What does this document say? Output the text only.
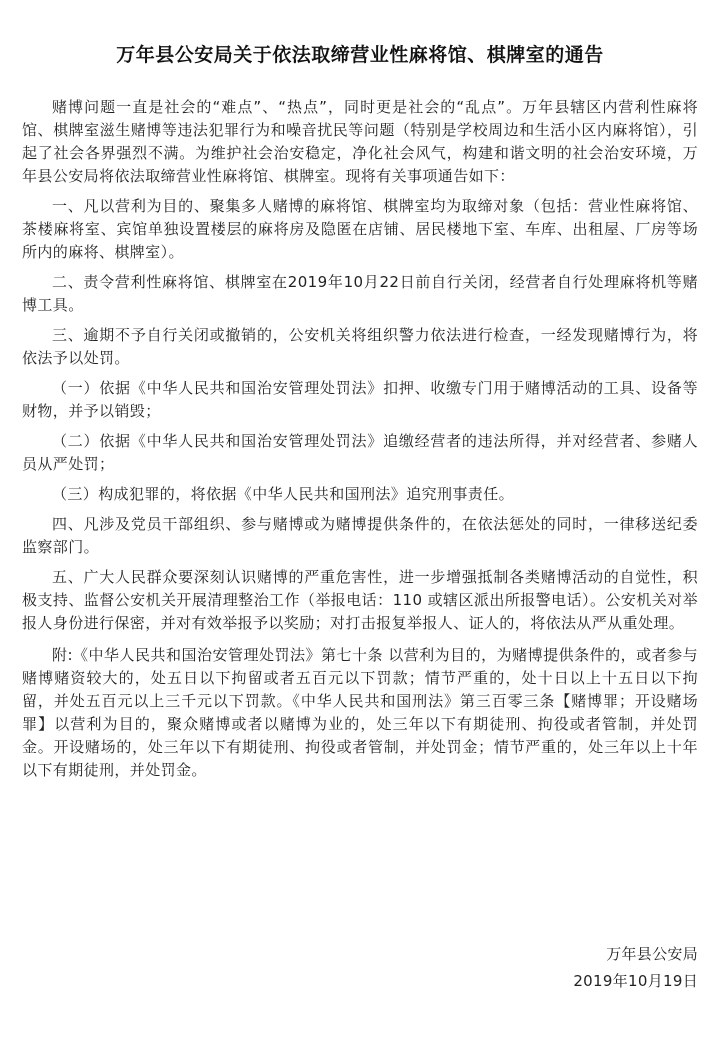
万年县公安局关于依法取缔营业性麻将馆、棋牌室的通告

赌博问题一直是社会的“难点”、“热点”，同时更是社会的“乱点”。万年县辖区内营利性麻将馆、棋牌室滋生赌博等违法犯罪行为和噪音扰民等问题（特别是学校周边和生活小区内麻将馆），引起了社会各界强烈不满。为维护社会治安稳定，净化社会风气，构建和谐文明的社会治安环境，万年县公安局将依法取缔营业性麻将馆、棋牌室。现将有关事项通告如下：

一、凡以营利为目的、聚集多人赌博的麻将馆、棋牌室均为取缔对象（包括：营业性麻将馆、茶楼麻将室、宾馆单独设置楼层的麻将房及隐匿在店铺、居民楼地下室、车库、出租屋、厂房等场所内的麻将、棋牌室）。

二、责令营利性麻将馆、棋牌室在2019年10月22日前自行关闭，经营者自行处理麻将机等赌博工具。

三、逾期不予自行关闭或撤销的，公安机关将组织警力依法进行检查，一经发现赌博行为，将依法予以处罚。

（一）依据《中华人民共和国治安管理处罚法》扣押、收缴专门用于赌博活动的工具、设备等财物，并予以销毁；

（二）依据《中华人民共和国治安管理处罚法》追缴经营者的违法所得，并对经营者、参赌人员从严处罚；

（三）构成犯罪的，将依据《中华人民共和国刑法》追究刑事责任。

四、凡涉及党员干部组织、参与赌博或为赌博提供条件的，在依法惩处的同时，一律移送纪委监察部门。

五、广大人民群众要深刻认识赌博的严重危害性，进一步增强抵制各类赌博活动的自觉性，积极支持、监督公安机关开展清理整治工作（举报电话：110 或辖区派出所报警电话）。公安机关对举报人身份进行保密，并对有效举报予以奖励；对打击报复举报人、证人的，将依法从严从重处理。

附:《中华人民共和国治安管理处罚法》第七十条 以营利为目的，为赌博提供条件的，或者参与赌博赌资较大的，处五日以下拘留或者五百元以下罚款；情节严重的，处十日以上十五日以下拘留，并处五百元以上三千元以下罚款。《中华人民共和国刑法》第三百零三条【赌博罪；开设赌场罪】以营利为目的，聚众赌博或者以赌博为业的，处三年以下有期徒刑、拘役或者管制，并处罚金。开设赌场的，处三年以下有期徒刑、拘役或者管制，并处罚金；情节严重的，处三年以上十年以下有期徒刑，并处罚金。

万年县公安局
2019年10月19日
